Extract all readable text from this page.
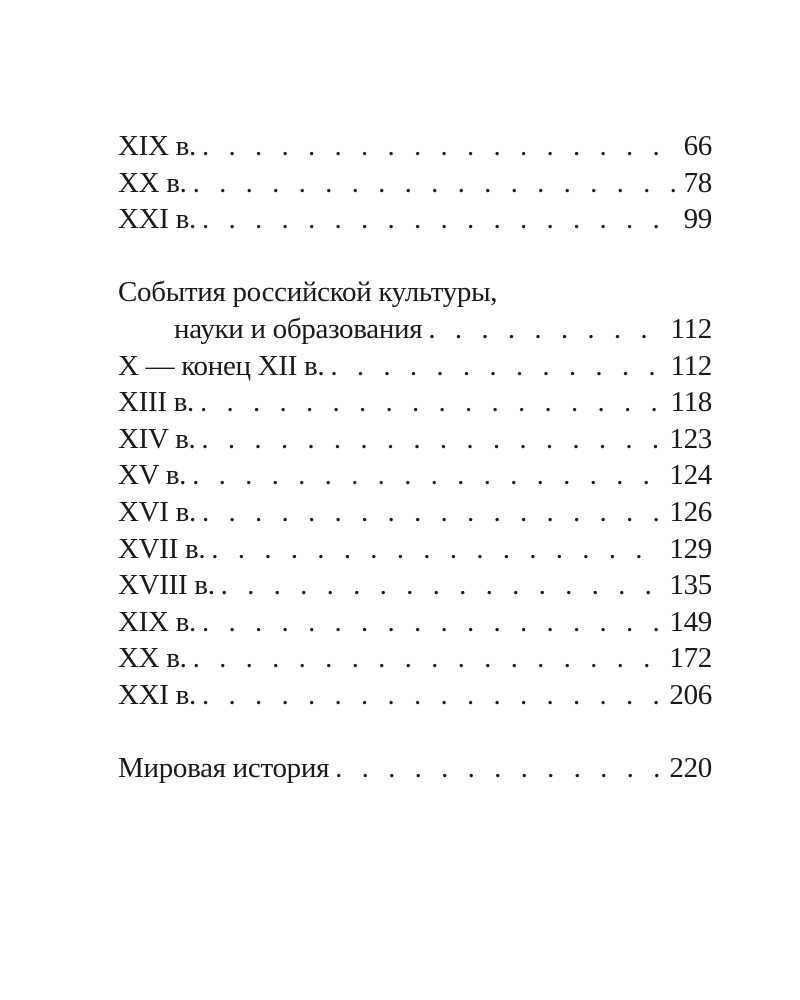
XIX в. . . .	66
XX в. . . .	78
XXI в. . . .	99
События российской культуры,
науки и образования . . .	112
X — конец XII в. . . .	112
XIII в. . . .	118
XIV в. . . .	123
XV в. . . .	124
XVI в. . . .	126
XVII в. . . .	129
XVIII в. . . .	135
XIX в. . . .	149
XX в. . . .	172
XXI в. . . .	206
Мировая история . . .	220
